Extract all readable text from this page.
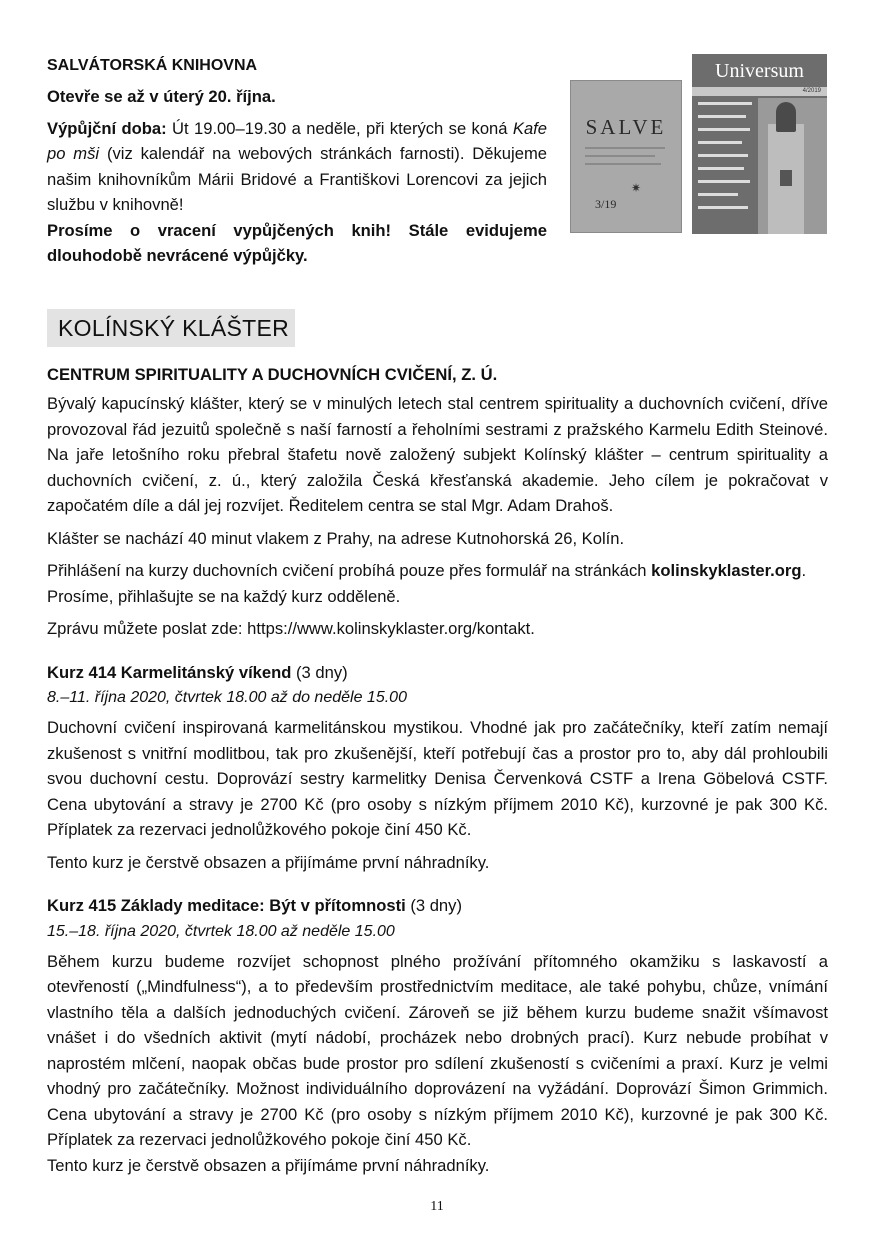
SALVÁTORSKÁ KNIHOVNA

Otevře se až v úterý 20. října.

Výpůjční doba: Út 19.00–19.30 a neděle, při kterých se koná Kafe po mši (viz kalendář na webových stránkách farnosti). Děkujeme našim knihovníkům Márii Bridové a Františkovi Lorencovi za jejich službu v knihovně!

Prosíme o vracení vypůjčených knih! Stále evidujeme dlouhodobě nevrácené výpůjčky.

SALVE
✷
3/19
Universum
4/2019
KOLÍNSKÝ KLÁŠTER

CENTRUM SPIRITUALITY A DUCHOVNÍCH CVIČENÍ, Z. Ú.

Bývalý kapucínský klášter, který se v minulých letech stal centrem spirituality a duchovních cvičení, dříve provozoval řád jezuitů společně s naší farností a řeholními sestrami z pražského Karmelu Edith Steinové. Na jaře letošního roku přebral štafetu nově založený subjekt Kolínský klášter – centrum spirituality a duchovních cvičení, z. ú., který založila Česká křesťanská akademie. Jeho cílem je pokračovat v započatém díle a dál jej rozvíjet. Ředitelem centra se stal Mgr. Adam Drahoš.

Klášter se nachází 40 minut vlakem z Prahy, na adrese Kutnohorská 26, Kolín.

Přihlášení na kurzy duchovních cvičení probíhá pouze přes formulář na stránkách kolinskyklaster.org. Prosíme, přihlašujte se na každý kurz odděleně.

Zprávu můžete poslat zde: https://www.kolinskyklaster.org/kontakt.

Kurz 414 Karmelitánský víkend (3 dny)

8.–11. října 2020, čtvrtek 18.00 až do neděle 15.00

Duchovní cvičení inspirovaná karmelitánskou mystikou. Vhodné jak pro začátečníky, kteří zatím nemají zkušenost s vnitřní modlitbou, tak pro zkušenější, kteří potřebují čas a prostor pro to, aby dál prohloubili svou duchovní cestu. Doprovází sestry karmelitky Denisa Červenková CSTF a Irena Göbelová CSTF. Cena ubytování a stravy je 2700 Kč (pro osoby s nízkým příjmem 2010 Kč), kurzovné je pak 300 Kč. Příplatek za rezervaci jednolůžkového pokoje činí 450 Kč.

Tento kurz je čerstvě obsazen a přijímáme první náhradníky.

Kurz 415 Základy meditace: Být v přítomnosti (3 dny)

15.–18. října 2020, čtvrtek 18.00 až neděle 15.00

Během kurzu budeme rozvíjet schopnost plného prožívání přítomného okamžiku s laskavostí a otevřeností („Mindfulness“), a to především prostřednictvím meditace, ale také pohybu, chůze, vnímání vlastního těla a dalších jednoduchých cvičení. Zároveň se již během kurzu budeme snažit všímavost vnášet i do všedních aktivit (mytí nádobí, procházek nebo drobných prací). Kurz nebude probíhat v naprostém mlčení, naopak občas bude prostor pro sdílení zkušeností s cvičeními a praxí. Kurz je velmi vhodný pro začátečníky. Možnost individuálního doprovázení na vyžádání. Doprovází Šimon Grimmich. Cena ubytování a stravy je 2700 Kč (pro osoby s nízkým příjmem 2010 Kč), kurzovné je pak 300 Kč. Příplatek za rezervaci jednolůžkového pokoje činí 450 Kč.

Tento kurz je čerstvě obsazen a přijímáme první náhradníky.

11
